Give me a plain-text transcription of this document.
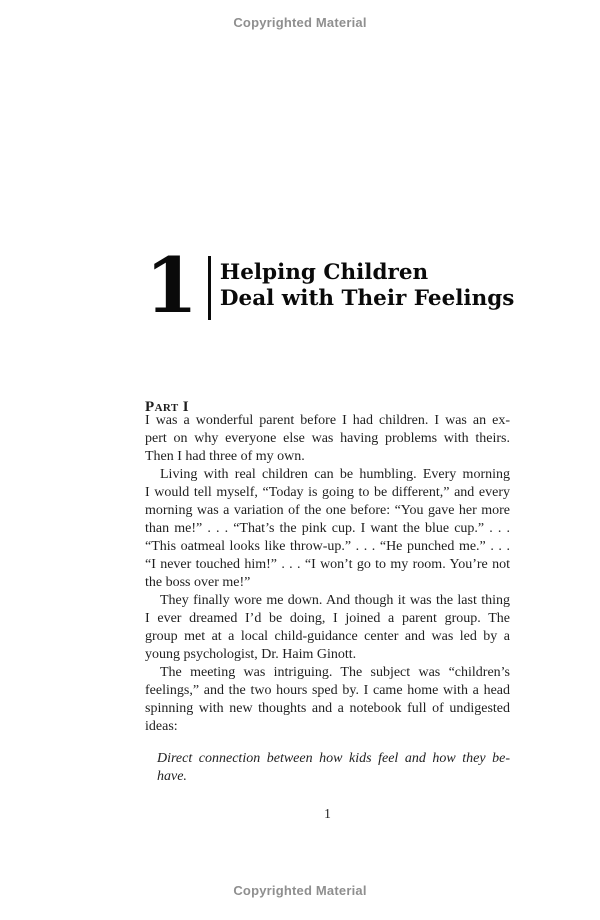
Copyrighted Material
1 Helping Children
Deal with Their Feelings
Part I
I was a wonderful parent before I had children. I was an ex-
pert on why everyone else was having problems with theirs.
Then I had three of my own.
Living with real children can be humbling. Every morning
I would tell myself, “Today is going to be different,” and every
morning was a variation of the one before: “You gave her more
than me!” . . . “That’s the pink cup. I want the blue cup.” . . .
“This oatmeal looks like throw-up.” . . . “He punched me.” . . .
“I never touched him!” . . . “I won’t go to my room. You’re not
the boss over me!”
They finally wore me down. And though it was the last thing
I ever dreamed I’d be doing, I joined a parent group. The
group met at a local child-guidance center and was led by a
young psychologist, Dr. Haim Ginott.
The meeting was intriguing. The subject was “children’s
feelings,” and the two hours sped by. I came home with a head
spinning with new thoughts and a notebook full of undigested
ideas:
Direct connection between how kids feel and how they be-
have.
1
Copyrighted Material
